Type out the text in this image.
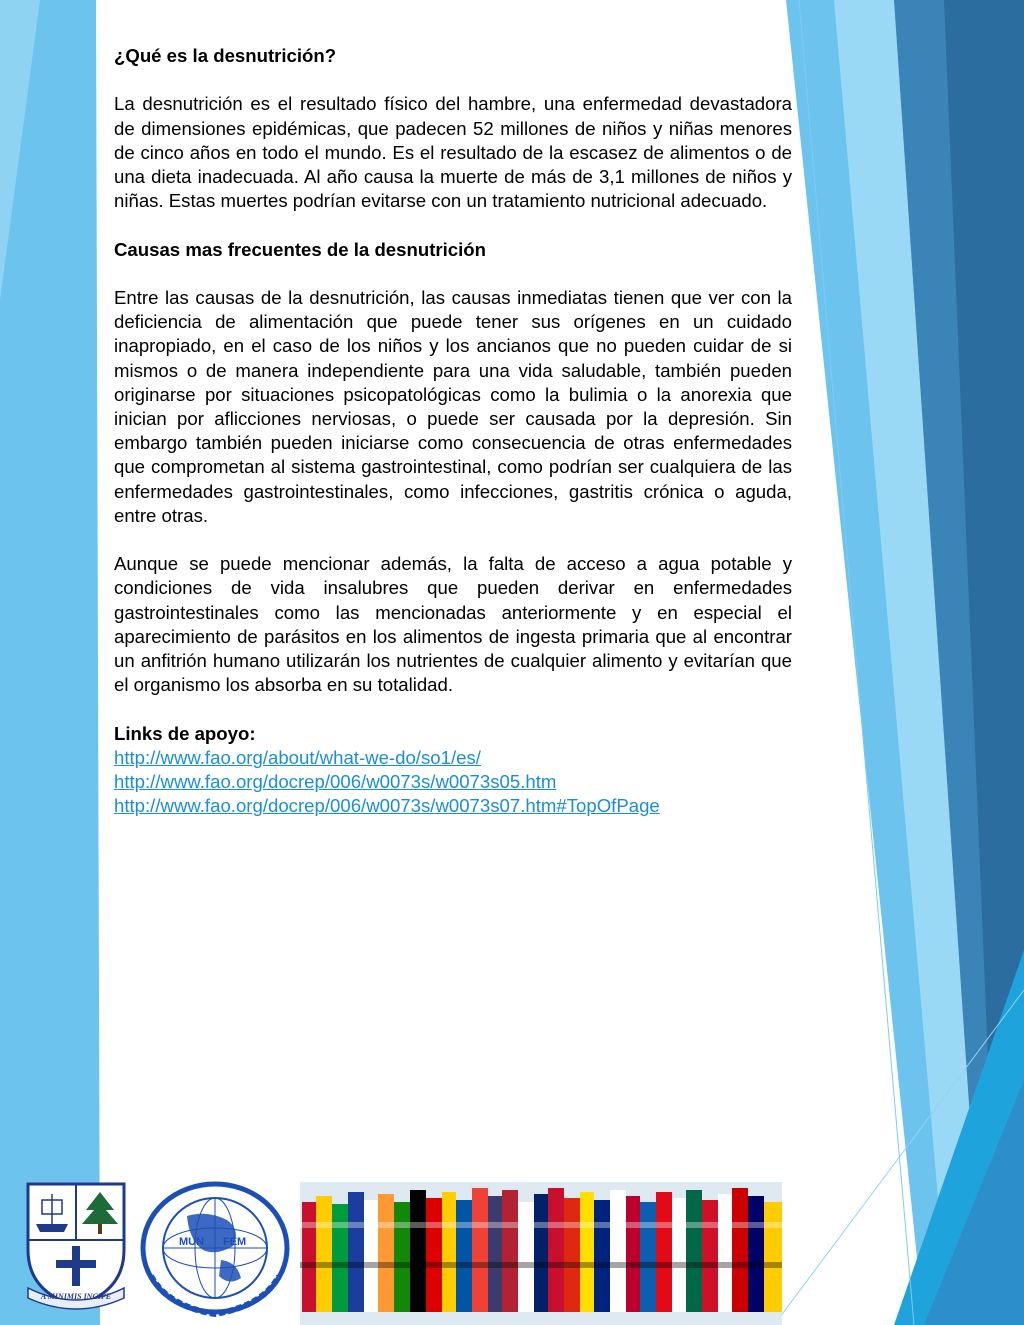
¿Qué es la desnutrición?

La desnutrición es el resultado físico del hambre, una enfermedad devastadora de dimensiones epidémicas, que padecen 52 millones de niños y niñas menores de cinco años en todo el mundo. Es el resultado de la escasez de alimentos o de una dieta inadecuada. Al año causa la muerte de más de 3,1 millones de niños y niñas. Estas muertes podrían evitarse con un tratamiento nutricional adecuado.

Causas mas frecuentes de la desnutrición

Entre las causas de la desnutrición, las causas inmediatas tienen que ver con la deficiencia de alimentación que puede tener sus orígenes en un cuidado inapropiado, en el caso de los niños y los ancianos que no pueden cuidar de si mismos o de manera independiente para una vida saludable, también pueden originarse por situaciones psicopatológicas como la bulimia o la anorexia que inician por aflicciones nerviosas, o puede ser causada por la depresión. Sin embargo también pueden iniciarse como consecuencia de otras enfermedades que comprometan al sistema gastrointestinal, como podrían ser cualquiera de las enfermedades gastrointestinales, como infecciones, gastritis crónica o aguda, entre otras.

Aunque se puede mencionar además, la falta de acceso a agua potable y condiciones de vida insalubres que pueden derivar en enfermedades gastrointestinales como las mencionadas anteriormente y en especial el aparecimiento de parásitos en los alimentos de ingesta primaria que al encontrar un anfitrión humano utilizarán los nutrientes de cualquier alimento y evitarían que el organismo los absorba en su totalidad.

Links de apoyo:
http://www.fao.org/about/what-we-do/so1/es/
http://www.fao.org/docrep/006/w0073s/w0073s05.htm
http://www.fao.org/docrep/006/w0073s/w0073s07.htm#TopOfPage
A MINIMIS INCIPE
MUN FEM
